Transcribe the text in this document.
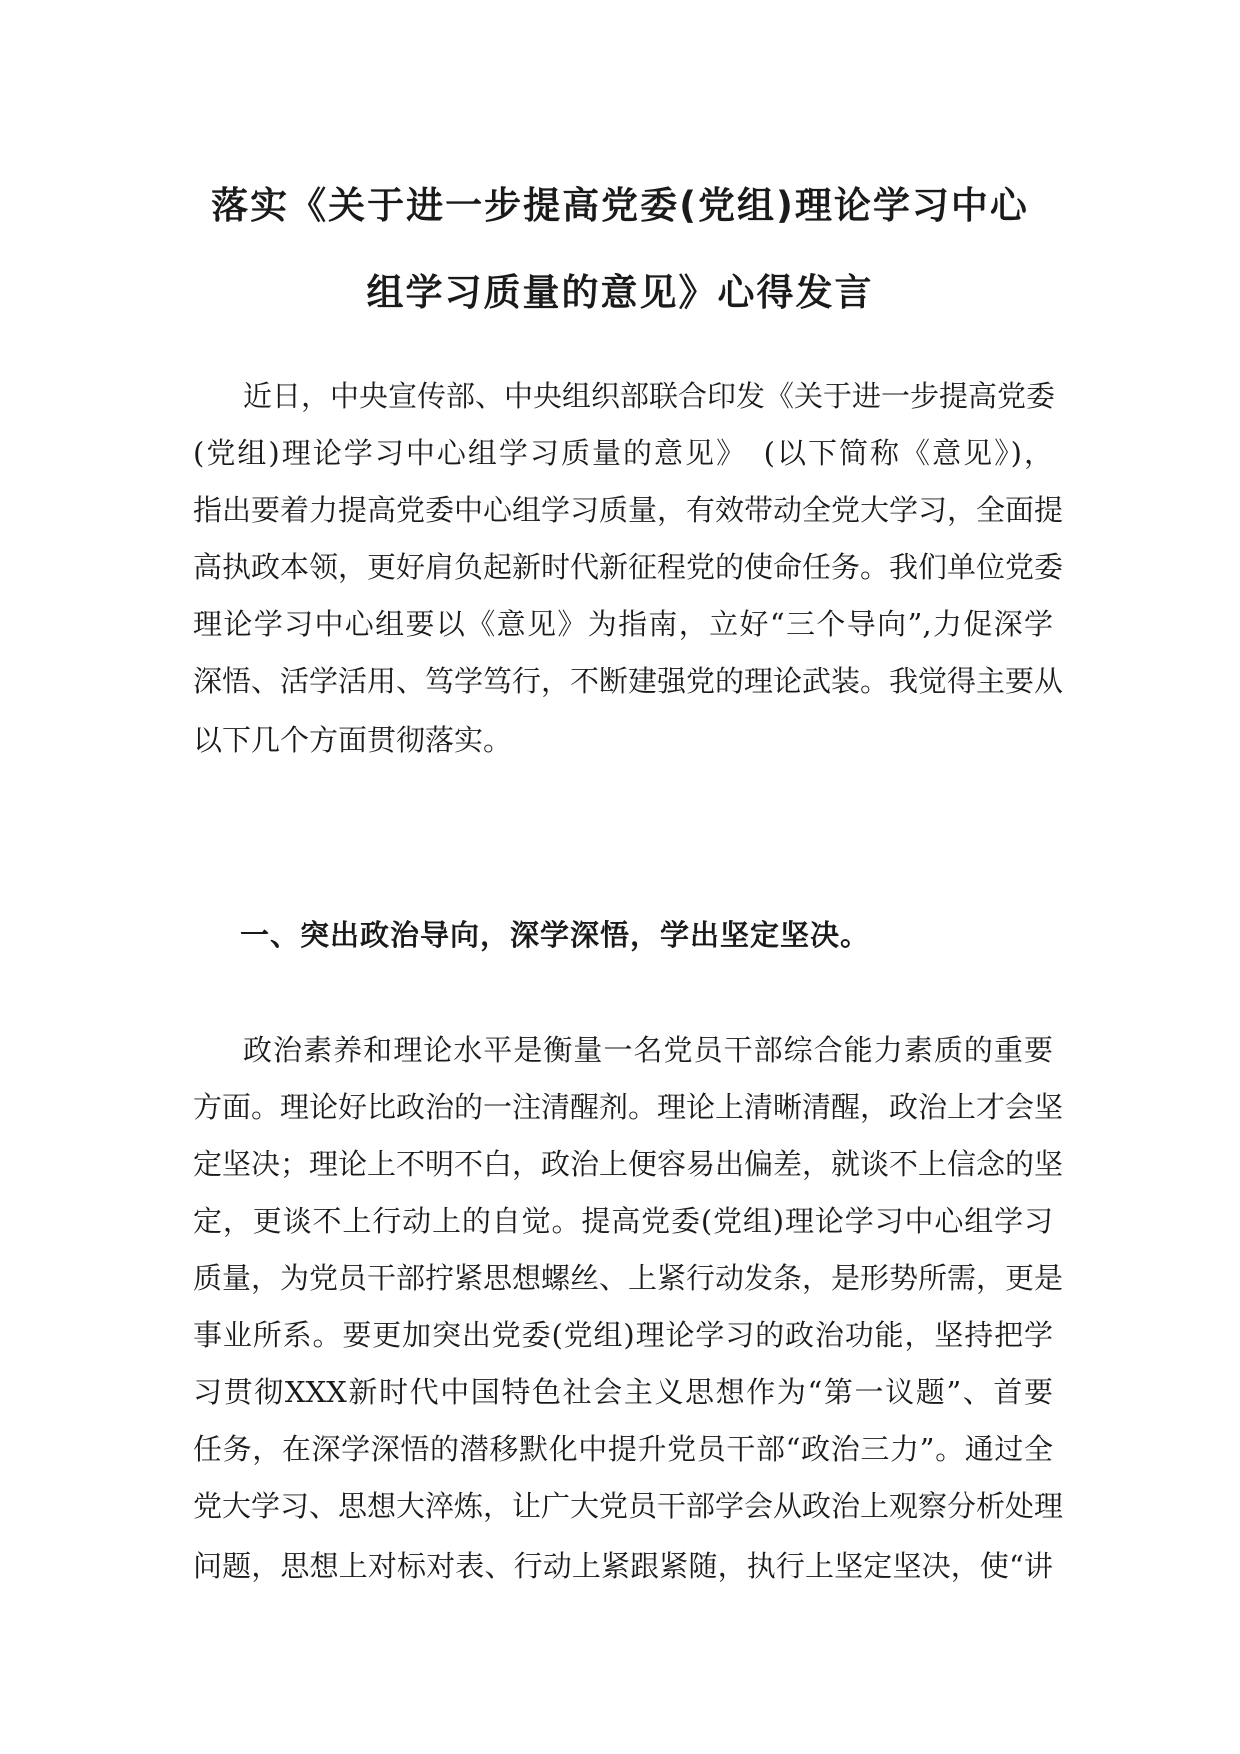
落实《关于进一步提高党委(党组)理论学习中心
组学习质量的意见》心得发言
近日，中央宣传部、中央组织部联合印发《关于进一步提高党委
(党组)理论学习中心组学习质量的意见》　(以下简称《意见》)，
指出要着力提高党委中心组学习质量，有效带动全党大学习，全面提
高执政本领，更好肩负起新时代新征程党的使命任务。我们单位党委
理论学习中心组要以《意见》为指南，立好“三个导向”,力促深学
深悟、活学活用、笃学笃行，不断建强党的理论武装。我觉得主要从
以下几个方面贯彻落实。
一、突出政治导向，深学深悟，学出坚定坚决。
政治素养和理论水平是衡量一名党员干部综合能力素质的重要
方面。理论好比政治的一注清醒剂。理论上清晰清醒，政治上才会坚
定坚决；理论上不明不白，政治上便容易出偏差，就谈不上信念的坚
定，更谈不上行动上的自觉。提高党委(党组)理论学习中心组学习
质量，为党员干部拧紧思想螺丝、上紧行动发条，是形势所需，更是
事业所系。要更加突出党委(党组)理论学习的政治功能，坚持把学
习贯彻XXX新时代中国特色社会主义思想作为“第一议题”、首要
任务，在深学深悟的潜移默化中提升党员干部“政治三力”。通过全
党大学习、思想大淬炼，让广大党员干部学会从政治上观察分析处理
问题，思想上对标对表、行动上紧跟紧随，执行上坚定坚决，使“讲
